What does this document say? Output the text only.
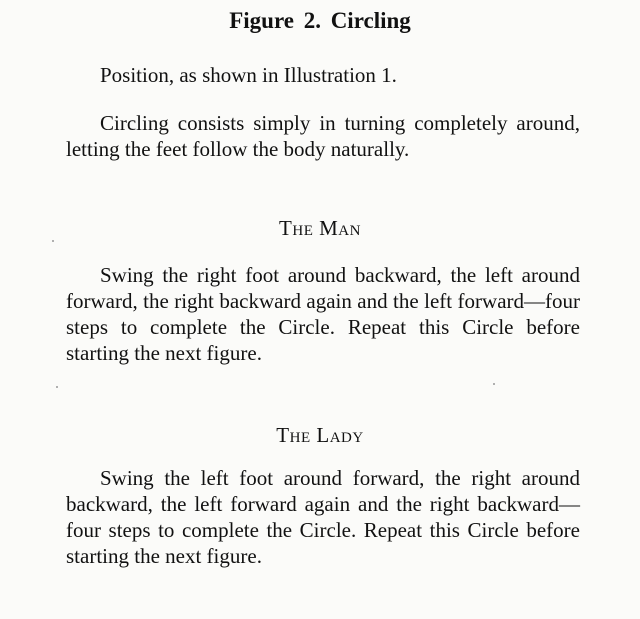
Figure 2. Circling

Position, as shown in Illustration 1.

Circling consists simply in turning completely around, letting the feet follow the body naturally.

The Man

Swing the right foot around backward, the left around forward, the right backward again and the left forward—four steps to complete the Circle. Repeat this Circle before starting the next figure.

The Lady

Swing the left foot around forward, the right around backward, the left forward again and the right backward—four steps to complete the Circle. Repeat this Circle before starting the next figure.
